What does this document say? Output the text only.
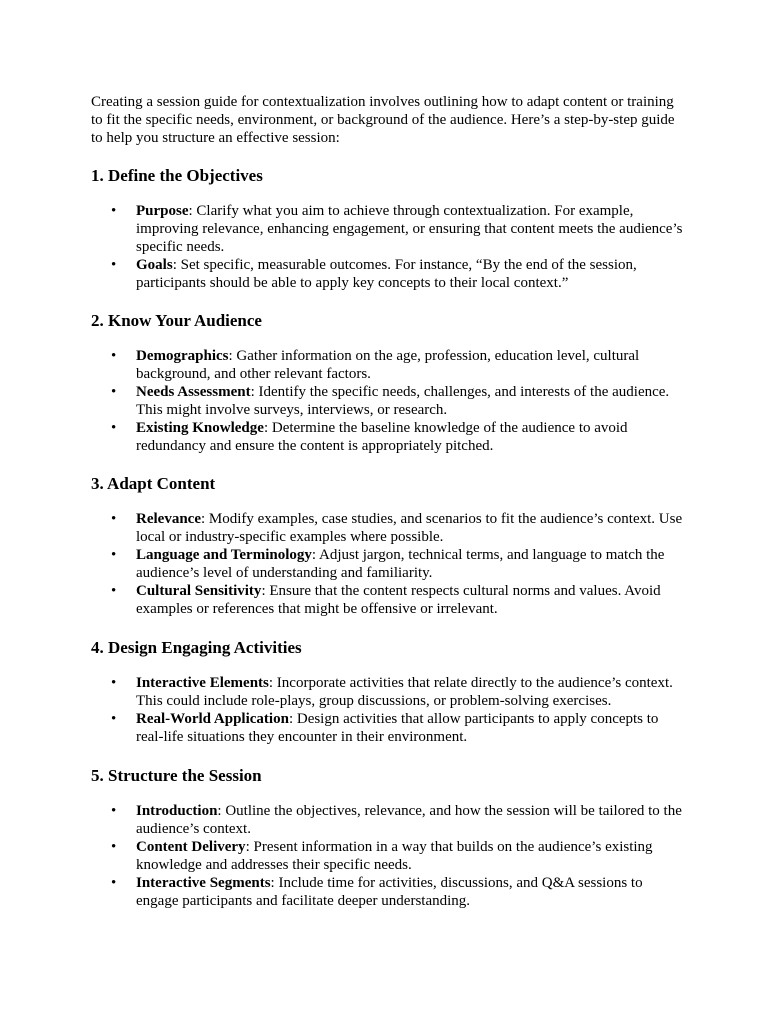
Creating a session guide for contextualization involves outlining how to adapt content or training to fit the specific needs, environment, or background of the audience. Here’s a step-by-step guide to help you structure an effective session:

1. Define the Objectives
• Purpose: Clarify what you aim to achieve through contextualization. For example, improving relevance, enhancing engagement, or ensuring that content meets the audience’s specific needs.
• Goals: Set specific, measurable outcomes. For instance, “By the end of the session, participants should be able to apply key concepts to their local context.”
2. Know Your Audience
• Demographics: Gather information on the age, profession, education level, cultural background, and other relevant factors.
• Needs Assessment: Identify the specific needs, challenges, and interests of the audience. This might involve surveys, interviews, or research.
• Existing Knowledge: Determine the baseline knowledge of the audience to avoid redundancy and ensure the content is appropriately pitched.
3. Adapt Content
• Relevance: Modify examples, case studies, and scenarios to fit the audience’s context. Use local or industry-specific examples where possible.
• Language and Terminology: Adjust jargon, technical terms, and language to match the audience’s level of understanding and familiarity.
• Cultural Sensitivity: Ensure that the content respects cultural norms and values. Avoid examples or references that might be offensive or irrelevant.
4. Design Engaging Activities
• Interactive Elements: Incorporate activities that relate directly to the audience’s context. This could include role-plays, group discussions, or problem-solving exercises.
• Real-World Application: Design activities that allow participants to apply concepts to real-life situations they encounter in their environment.
5. Structure the Session
• Introduction: Outline the objectives, relevance, and how the session will be tailored to the audience’s context.
• Content Delivery: Present information in a way that builds on the audience’s existing knowledge and addresses their specific needs.
• Interactive Segments: Include time for activities, discussions, and Q&A sessions to engage participants and facilitate deeper understanding.
